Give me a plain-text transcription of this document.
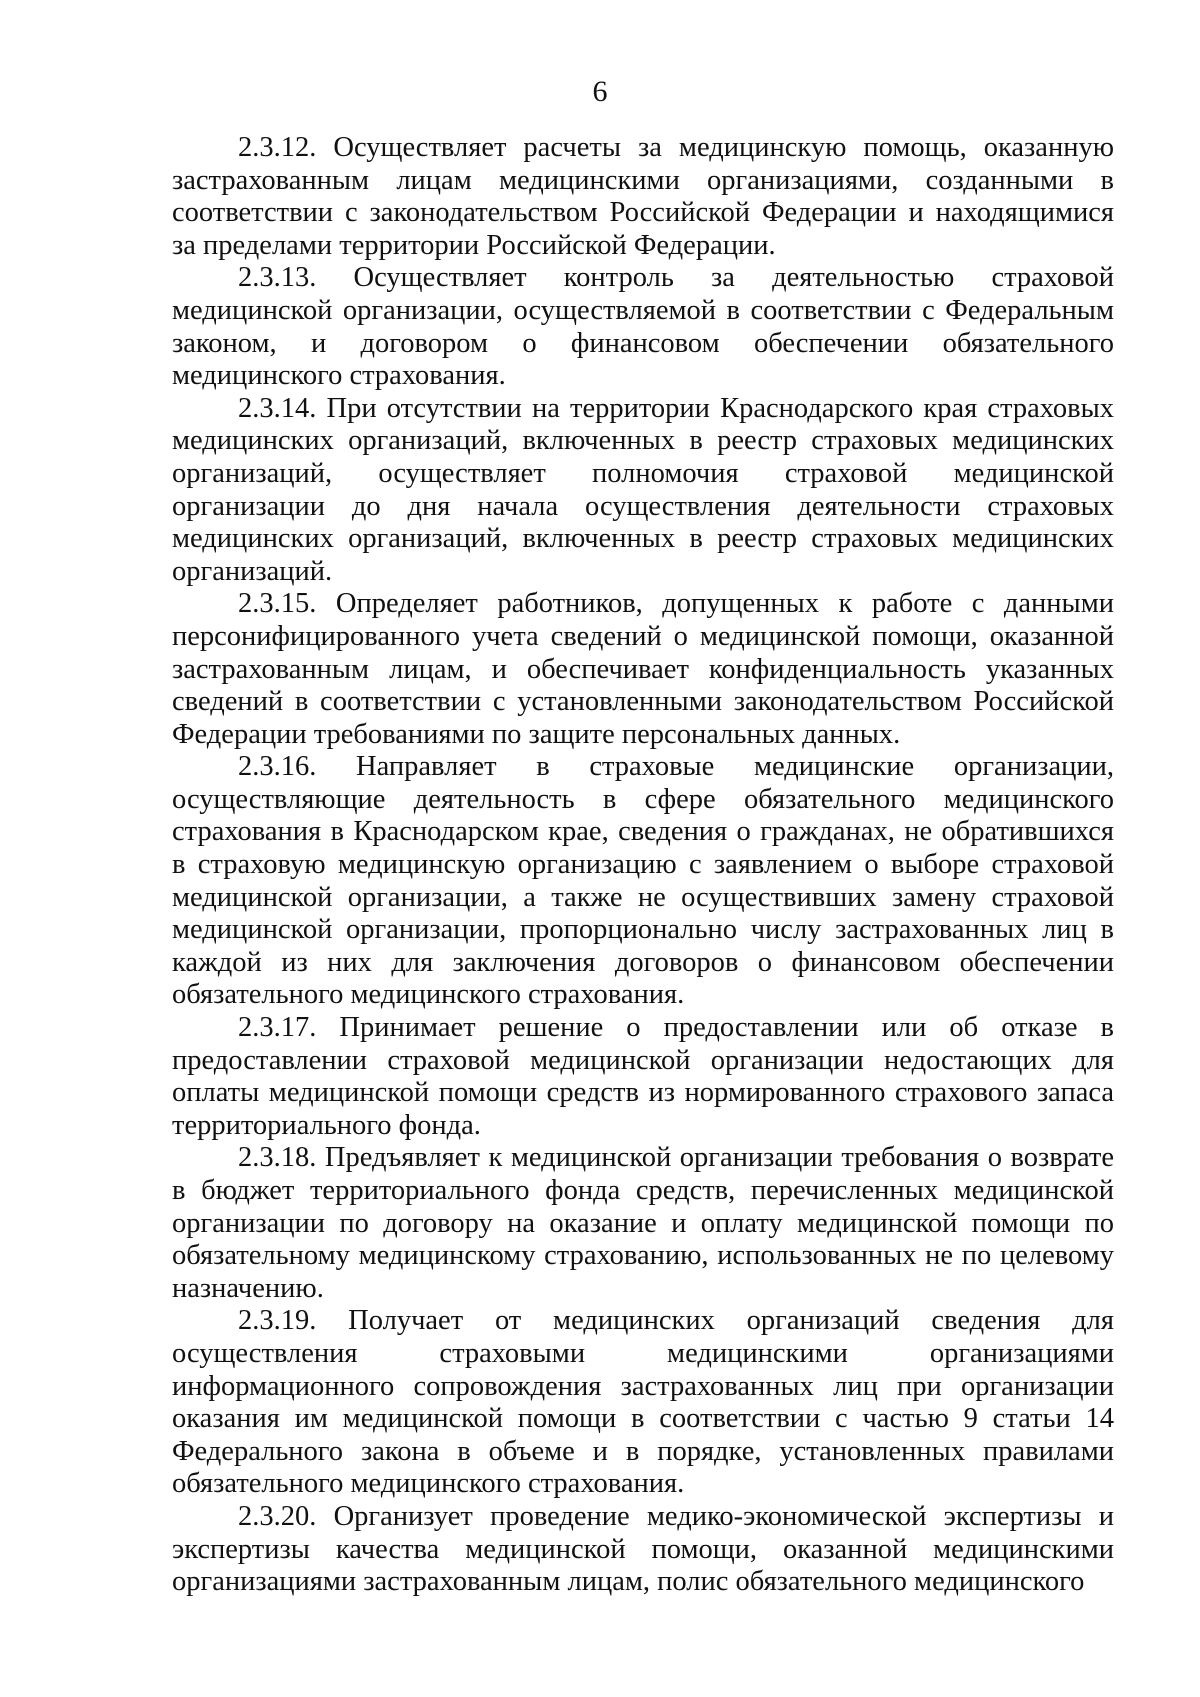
6

2.3.12. Осуществляет расчеты за медицинскую помощь, оказанную застрахованным лицам медицинскими организациями, созданными в соответствии с законодательством Российской Федерации и находящимися за пределами территории Российской Федерации.

2.3.13. Осуществляет контроль за деятельностью страховой медицинской организации, осуществляемой в соответствии с Федеральным законом, и договором о финансовом обеспечении обязательного медицинского страхования.

2.3.14. При отсутствии на территории Краснодарского края страховых медицинских организаций, включенных в реестр страховых медицинских организаций, осуществляет полномочия страховой медицинской организации до дня начала осуществления деятельности страховых медицинских организаций, включенных в реестр страховых медицинских организаций.

2.3.15. Определяет работников, допущенных к работе с данными персонифицированного учета сведений о медицинской помощи, оказанной застрахованным лицам, и обеспечивает конфиденциальность указанных сведений в соответствии с установленными законодательством Российской Федерации требованиями по защите персональных данных.

2.3.16. Направляет в страховые медицинские организации, осуществляющие деятельность в сфере обязательного медицинского страхования в Краснодарском крае, сведения о гражданах, не обратившихся в страховую медицинскую организацию с заявлением о выборе страховой медицинской организации, а также не осуществивших замену страховой медицинской организации, пропорционально числу застрахованных лиц в каждой из них для заключения договоров о финансовом обеспечении обязательного медицинского страхования.

2.3.17. Принимает решение о предоставлении или об отказе в предоставлении страховой медицинской организации недостающих для оплаты медицинской помощи средств из нормированного страхового запаса территориального фонда.

2.3.18. Предъявляет к медицинской организации требования о возврате в бюджет территориального фонда средств, перечисленных медицинской организации по договору на оказание и оплату медицинской помощи по обязательному медицинскому страхованию, использованных не по целевому назначению.

2.3.19. Получает от медицинских организаций сведения для осуществления страховыми медицинскими организациями информационного сопровождения застрахованных лиц при организации оказания им медицинской помощи в соответствии с частью 9 статьи 14 Федерального закона в объеме и в порядке, установленных правилами обязательного медицинского страхования.

2.3.20. Организует проведение медико-экономической экспертизы и экспертизы качества медицинской помощи, оказанной медицинскими организациями застрахованным лицам, полис обязательного медицинского
